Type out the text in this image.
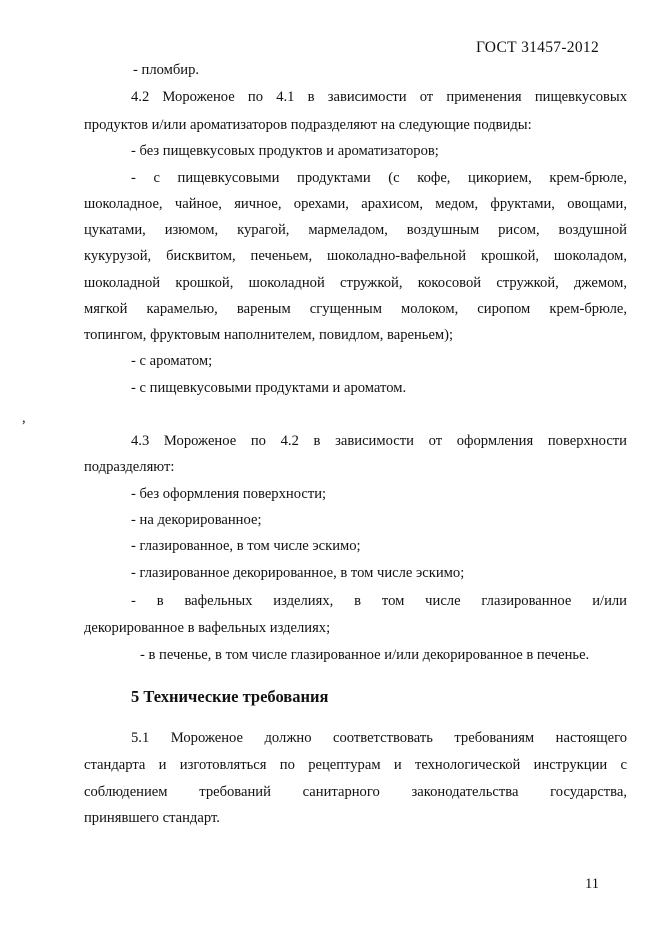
ГОСТ 31457-2012
- пломбир.
4.2 Мороженое по 4.1 в зависимости от применения пищевкусовых
продуктов и/или ароматизаторов подразделяют на следующие подвиды:
- без пищевкусовых продуктов и ароматизаторов;
- с пищевкусовыми продуктами (с кофе, цикорием, крем-брюле,
шоколадное, чайное, яичное, орехами, арахисом, медом, фруктами, овощами,
цукатами, изюмом, курагой, мармеладом, воздушным рисом, воздушной
кукурузой, бисквитом, печеньем, шоколадно-вафельной крошкой, шоколадом,
шоколадной крошкой, шоколадной стружкой, кокосовой стружкой, джемом,
мягкой карамелью, вареным сгущенным молоком, сиропом крем-брюле,
топингом, фруктовым наполнителем, повидлом, вареньем);
- с ароматом;
- с пищевкусовыми продуктами и ароматом.
,
4.3 Мороженое по 4.2 в зависимости от оформления поверхности
подразделяют:
- без оформления поверхности;
- на декорированное;
- глазированное, в том числе эскимо;
- глазированное декорированное, в том числе эскимо;
- в вафельных изделиях, в том числе глазированное и/или
декорированное в вафельных изделиях;
- в печенье, в том числе глазированное и/или декорированное в печенье.
5 Технические требования
5.1 Мороженое должно соответствовать требованиям настоящего
стандарта и изготовляться по рецептурам и технологической инструкции с
соблюдением требований санитарного законодательства государства,
принявшего стандарт.
11
